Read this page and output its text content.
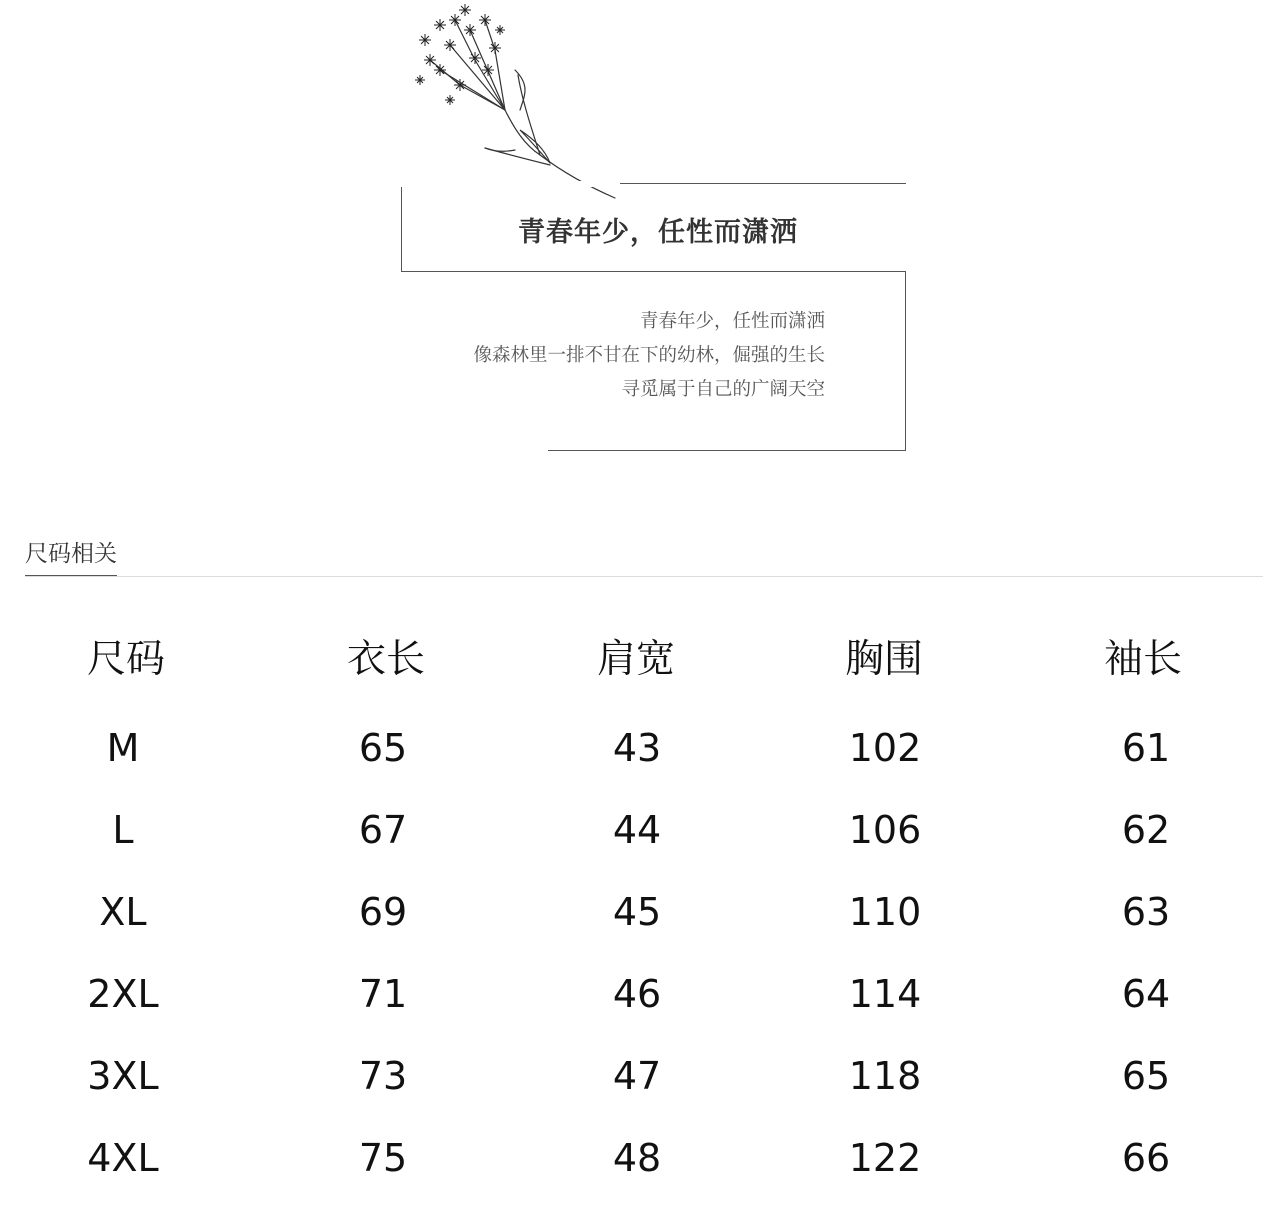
青春年少，任性而潇洒
青春年少，任性而潇洒
像森林里一排不甘在下的幼林，倔强的生长
寻觅属于自己的广阔天空
尺码相关
尺码	衣长	肩宽	胸围	袖长
M	65	43	102	61
L	67	44	106	62
XL	69	45	110	63
2XL	71	46	114	64
3XL	73	47	118	65
4XL	75	48	122	66
